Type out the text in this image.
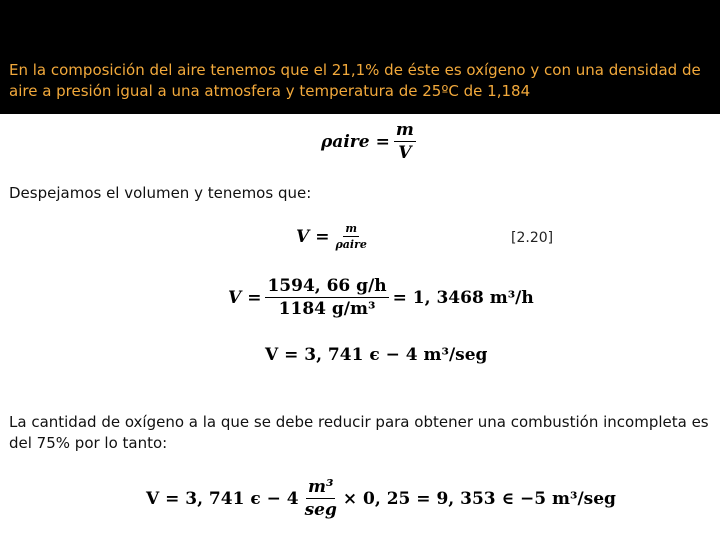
En la composición del aire tenemos que el 21,1% de éste es oxígeno y con una densidad de aire a presión igual a una atmosfera y temperatura de 25ºC de 1,184
ρaire = $\frac{m}{V}$
Despejamos el volumen y tenemos que:
$V = \frac{m}{\text{ρaire}}$	[2.20]
$V = \frac{1594, 66 g/h}{\text{1184 g/m³}} = 1$, 3468 m³/h
V = 3, 741 ϵ − 4 m³/seg
La cantidad de oxígeno a la que se debe reducir para obtener una combustión incompleta es del 75% por lo tanto:
V = 3, 741 $\epsilon - 4 \frac{\text{m³}}{\text{seg}} \times 0$, 25 = 9, 353 ∈ −5 m³/seg
